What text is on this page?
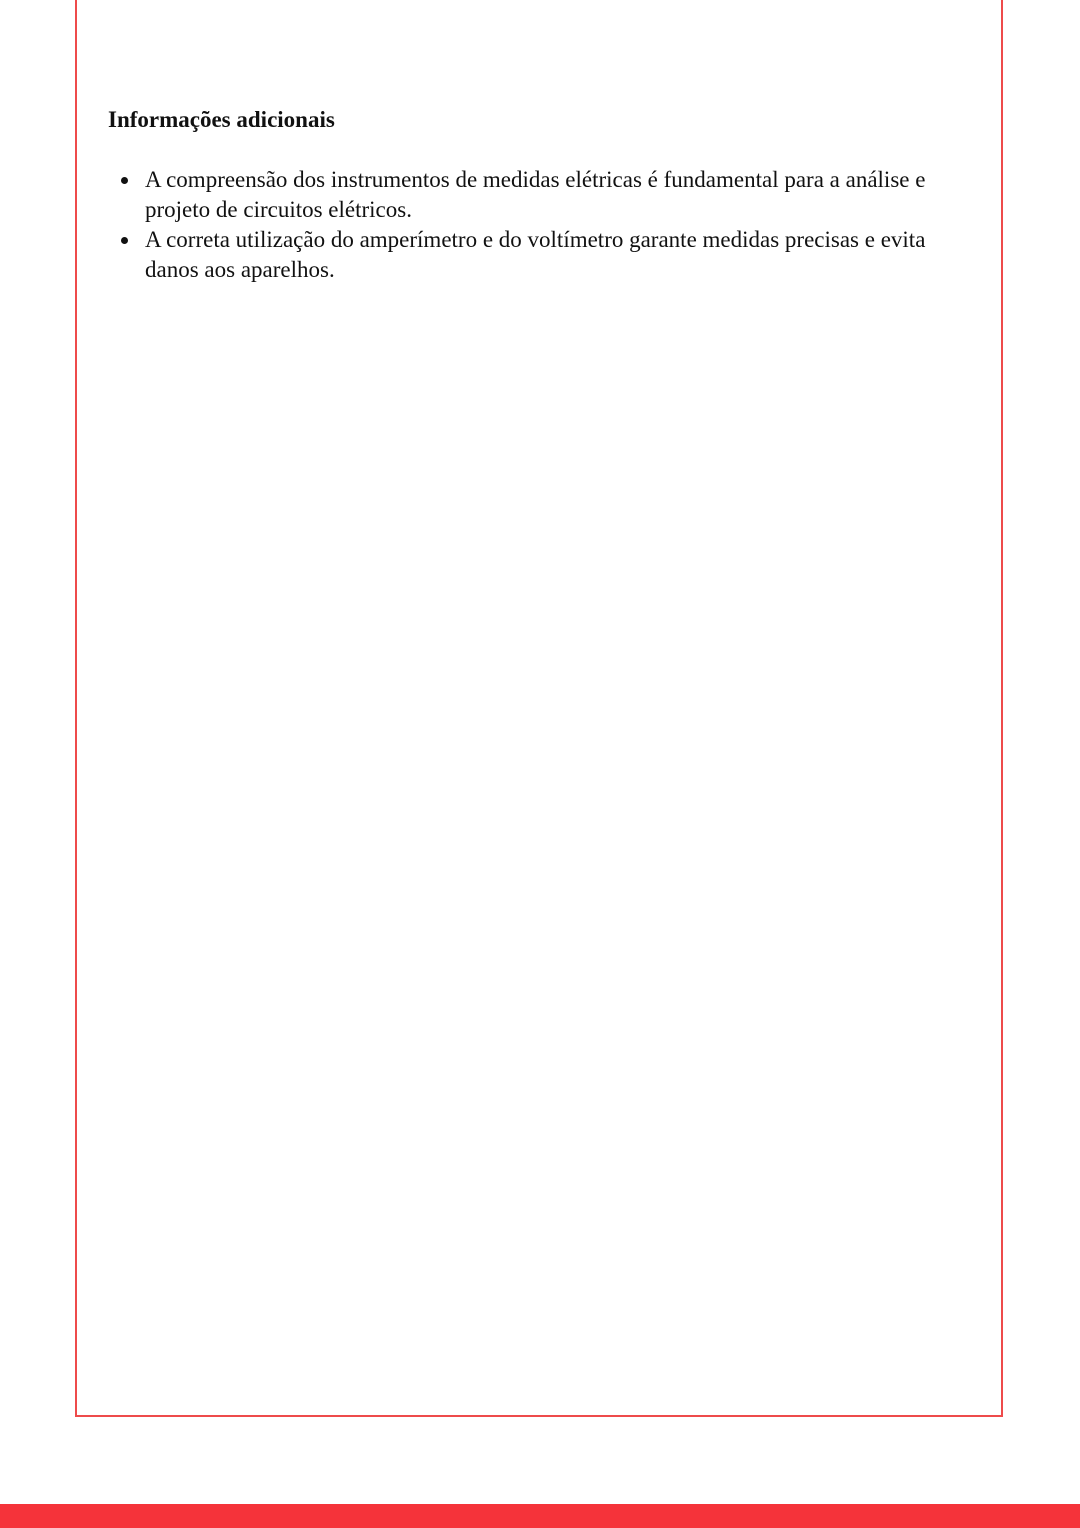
Informações adicionais
A compreensão dos instrumentos de medidas elétricas é fundamental para a análise e projeto de circuitos elétricos.
A correta utilização do amperímetro e do voltímetro garante medidas precisas e evita danos aos aparelhos.
